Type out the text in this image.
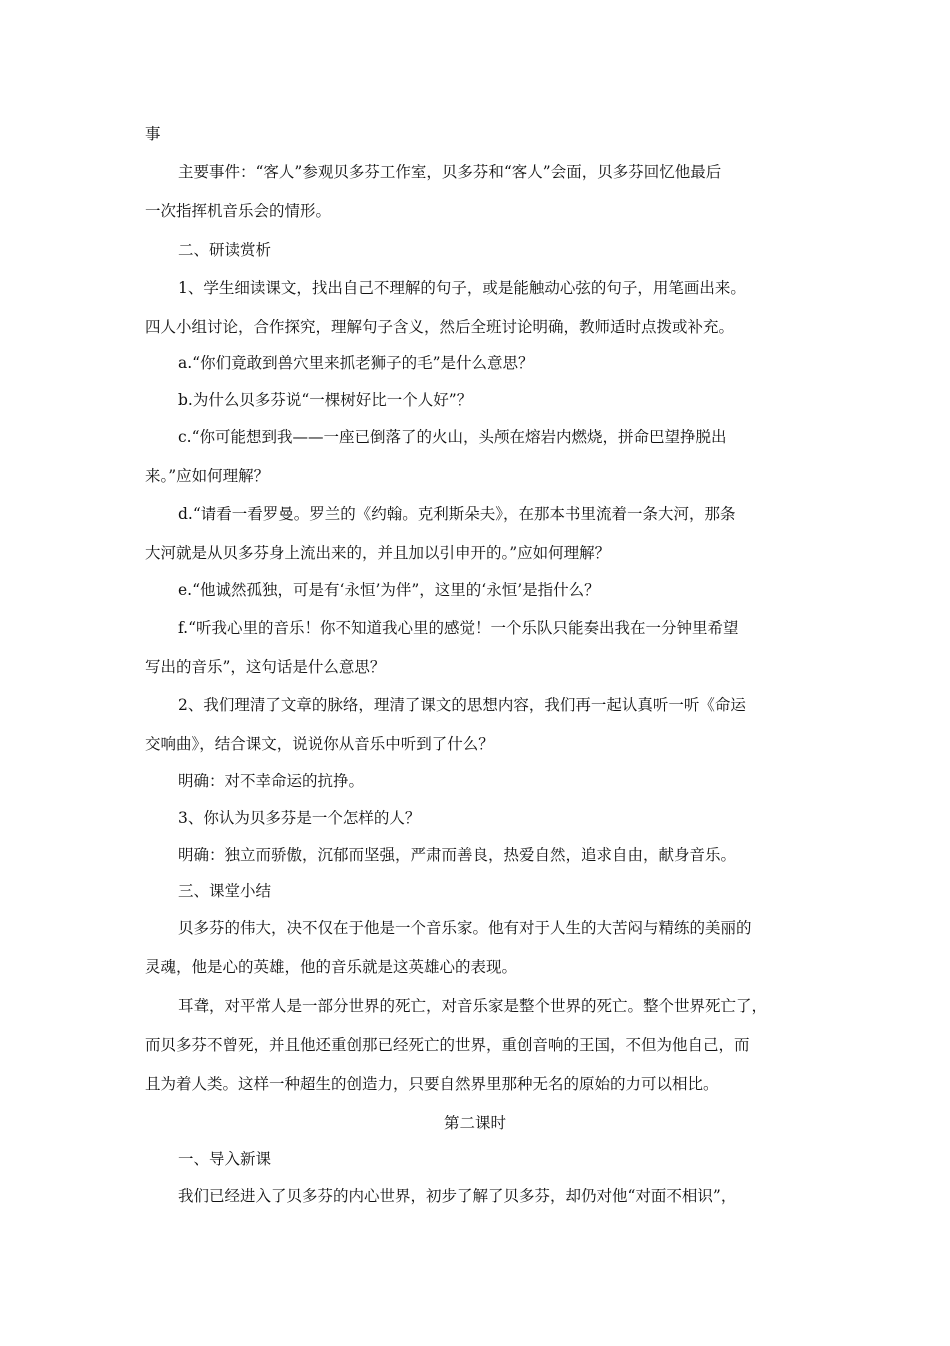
事
主要事件：“客人”参观贝多芬工作室，贝多芬和“客人”会面，贝多芬回忆他最后
一次指挥机音乐会的情形。
二、研读赏析
1、学生细读课文，找出自己不理解的句子，或是能触动心弦的句子，用笔画出来。
四人小组讨论，合作探究，理解句子含义，然后全班讨论明确，教师适时点拨或补充。
a.“你们竟敢到兽穴里来抓老狮子的毛”是什么意思？
b.为什么贝多芬说“一棵树好比一个人好”？
c.“你可能想到我——一座已倒落了的火山，头颅在熔岩内燃烧，拼命巴望挣脱出
来。”应如何理解？
d.“请看一看罗曼。罗兰的《约翰。克利斯朵夫》，在那本书里流着一条大河，那条
大河就是从贝多芬身上流出来的，并且加以引申开的。”应如何理解？
e.“他诚然孤独，可是有‘永恒’为伴”，这里的‘永恒’是指什么？
f.“听我心里的音乐！你不知道我心里的感觉！一个乐队只能奏出我在一分钟里希望
写出的音乐”，这句话是什么意思？
2、我们理清了文章的脉络，理清了课文的思想内容，我们再一起认真听一听《命运
交响曲》，结合课文，说说你从音乐中听到了什么？
明确：对不幸命运的抗挣。
3、你认为贝多芬是一个怎样的人？
明确：独立而骄傲，沉郁而坚强，严肃而善良，热爱自然，追求自由，献身音乐。
三、课堂小结
贝多芬的伟大，决不仅在于他是一个音乐家。他有对于人生的大苦闷与精练的美丽的
灵魂，他是心的英雄，他的音乐就是这英雄心的表现。
耳聋，对平常人是一部分世界的死亡，对音乐家是整个世界的死亡。整个世界死亡了，
而贝多芬不曾死，并且他还重创那已经死亡的世界，重创音响的王国，不但为他自己，而
且为着人类。这样一种超生的创造力，只要自然界里那种无名的原始的力可以相比。
第二课时
一、导入新课
我们已经进入了贝多芬的内心世界，初步了解了贝多芬，却仍对他“对面不相识”，
